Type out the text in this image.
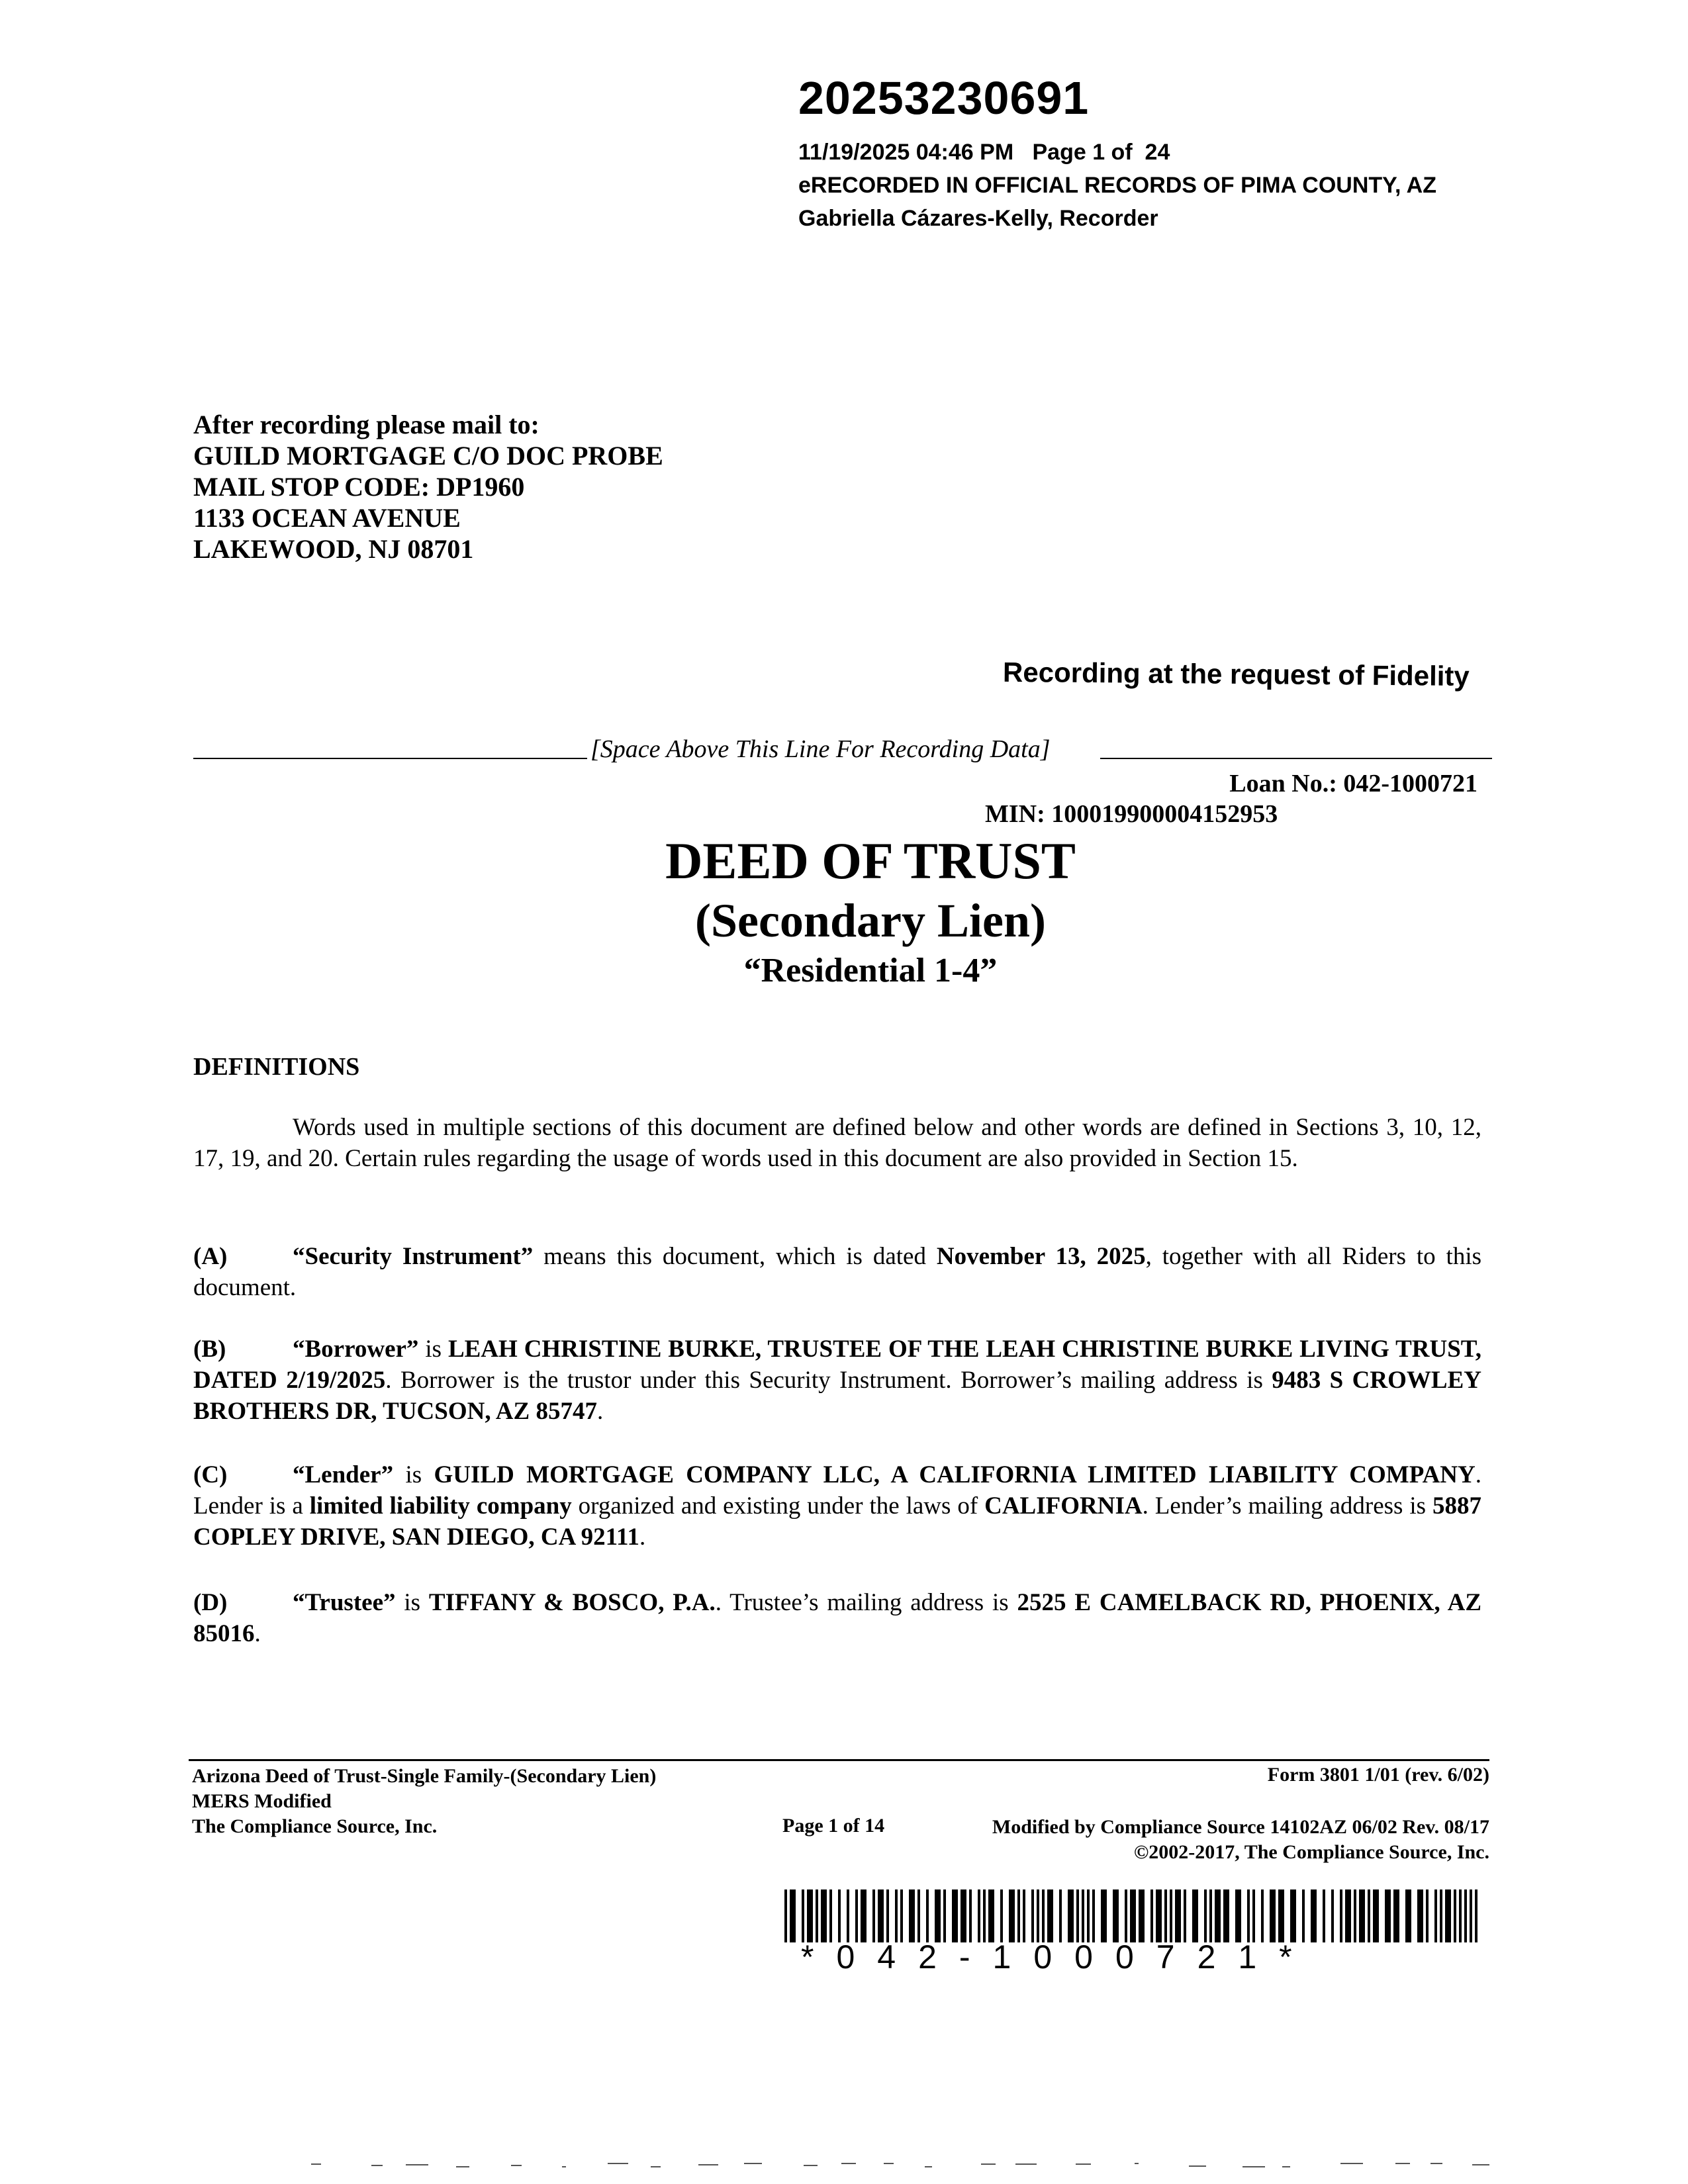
20253230691
11/19/2025 04:46 PM   Page 1 of  24
eRECORDED IN OFFICIAL RECORDS OF PIMA COUNTY, AZ
Gabriella Cázares-Kelly, Recorder
After recording please mail to:
GUILD MORTGAGE C/O DOC PROBE
MAIL STOP CODE: DP1960
1133 OCEAN AVENUE
LAKEWOOD, NJ 08701
Recording at the request of Fidelity
[Space Above This Line For Recording Data]
Loan No.: 042-1000721
MIN: 100019900004152953
DEED OF TRUST
(Secondary Lien)
“Residential 1-4”
DEFINITIONS
Words used in multiple sections of this document are defined below and other words are defined in Sections 3, 10, 12, 17, 19, and 20. Certain rules regarding the usage of words used in this document are also provided in Section 15.
(A)	“Security Instrument” means this document, which is dated November 13, 2025, together with all Riders to this document.
(B)	“Borrower” is LEAH CHRISTINE BURKE, TRUSTEE OF THE LEAH CHRISTINE BURKE LIVING TRUST, DATED 2/19/2025. Borrower is the trustor under this Security Instrument. Borrower’s mailing address is 9483 S CROWLEY BROTHERS DR, TUCSON, AZ 85747.
(C)	“Lender” is GUILD MORTGAGE COMPANY LLC, A CALIFORNIA LIMITED LIABILITY COMPANY. Lender is a limited liability company organized and existing under the laws of CALIFORNIA. Lender’s mailing address is 5887 COPLEY DRIVE, SAN DIEGO, CA 92111.
(D)	“Trustee” is TIFFANY & BOSCO, P.A.. Trustee’s mailing address is 2525 E CAMELBACK RD, PHOENIX, AZ 85016.
Arizona Deed of Trust-Single Family-(Secondary Lien)
MERS Modified
The Compliance Source, Inc.
Form 3801 1/01 (rev. 6/02)
Page 1 of 14	Modified by Compliance Source 14102AZ 06/02 Rev. 08/17
©2002-2017, The Compliance Source, Inc.
*042-1000721*
